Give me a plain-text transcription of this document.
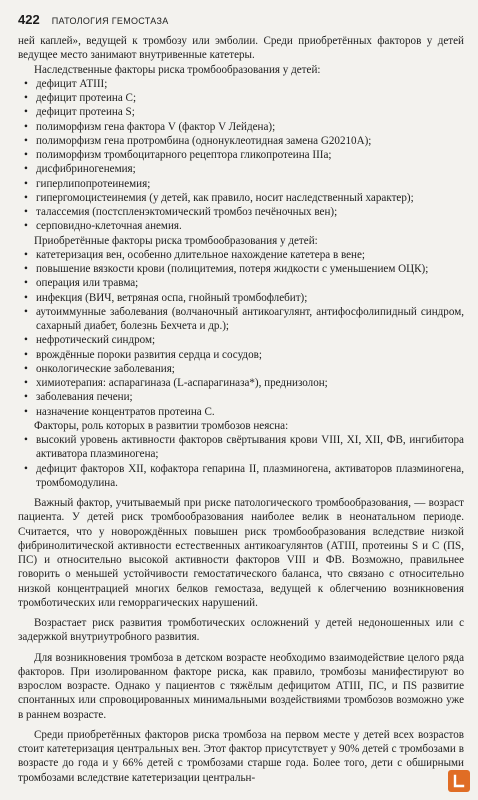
422 ПАТОЛОГИЯ ГЕМОСТАЗА

ней каплей», ведущей к тромбозу или эмболии. Среди приобретённых факторов у детей ведущее место занимают внутривенные катетеры.

Наследственные факторы риска тромбообразования у детей:

• дефицит АТIII;
• дефицит протеина С;
• дефицит протеина S;
• полиморфизм гена фактора V (фактор V Лейдена);
• полиморфизм гена протромбина (однонуклеотидная замена G20210A);
• полиморфизм тромбоцитарного рецептора гликопротеина IIIa;
• дисфибриногенемия;
• гиперлипопротеинемия;
• гипергомоцистеинемия (у детей, как правило, носит наследственный характер);
• талассемия (постспленэктомический тромбоз печёночных вен);
• серповидно-клеточная анемия.

Приобретённые факторы риска тромбообразования у детей:

• катетеризация вен, особенно длительное нахождение катетера в вене;
• повышение вязкости крови (полицитемия, потеря жидкости с уменьшением ОЦК);
• операция или травма;
• инфекция (ВИЧ, ветряная оспа, гнойный тромбофлебит);
• аутоиммунные заболевания (волчаночный антикоагулянт, антифосфолипидный синдром, сахарный диабет, болезнь Бехчета и др.);
• нефротический синдром;
• врождённые пороки развития сердца и сосудов;
• онкологические заболевания;
• химиотерапия: аспарагиназа (L-аспарагиназа*), преднизолон;
• заболевания печени;
• назначение концентратов протеина С.

Факторы, роль которых в развитии тромбозов неясна:

• высокий уровень активности факторов свёртывания крови VIII, XI, XII, ФВ, ингибитора активатора плазминогена;
• дефицит факторов XII, кофактора гепарина II, плазминогена, активаторов плазминогена, тромбомодулина.

Важный фактор, учитываемый при риске патологического тромбообразования, — возраст пациента. У детей риск тромбообразования наиболее велик в неонатальном периоде. Считается, что у новорождённых повышен риск тромбообразования вследствие низкой фибринолитической активности естественных антикоагулянтов (АТIII, протеины S и С (ПS, ПС) и относительно высокой активности факторов VIII и ФВ. Возможно, правильнее говорить о меньшей устойчивости гемостатического баланса, что связано с относительно низкой концентрацией многих белков гемостаза, ведущей к облегчению возникновения тромботических или геморрагических нарушений.

Возрастает риск развития тромботических осложнений у детей недоношенных или с задержкой внутриутробного развития.

Для возникновения тромбоза в детском возрасте необходимо взаимодействие целого ряда факторов. При изолированном факторе риска, как правило, тромбозы манифестируют во взрослом возрасте. Однако у пациентов с тяжёлым дефицитом АТIII, ПС, и ПS развитие спонтанных или спровоцированных минимальными воздействиями тромбозов возможно уже в раннем возрасте.

Среди приобретённых факторов риска тромбоза на первом месте у детей всех возрастов стоит катетеризация центральных вен. Этот фактор присутствует у 90% детей с тромбозами в возрасте до года и у 66% детей с тромбозами старше года. Более того, дети с обширными тромбозами вследствие катетеризации центральн-
